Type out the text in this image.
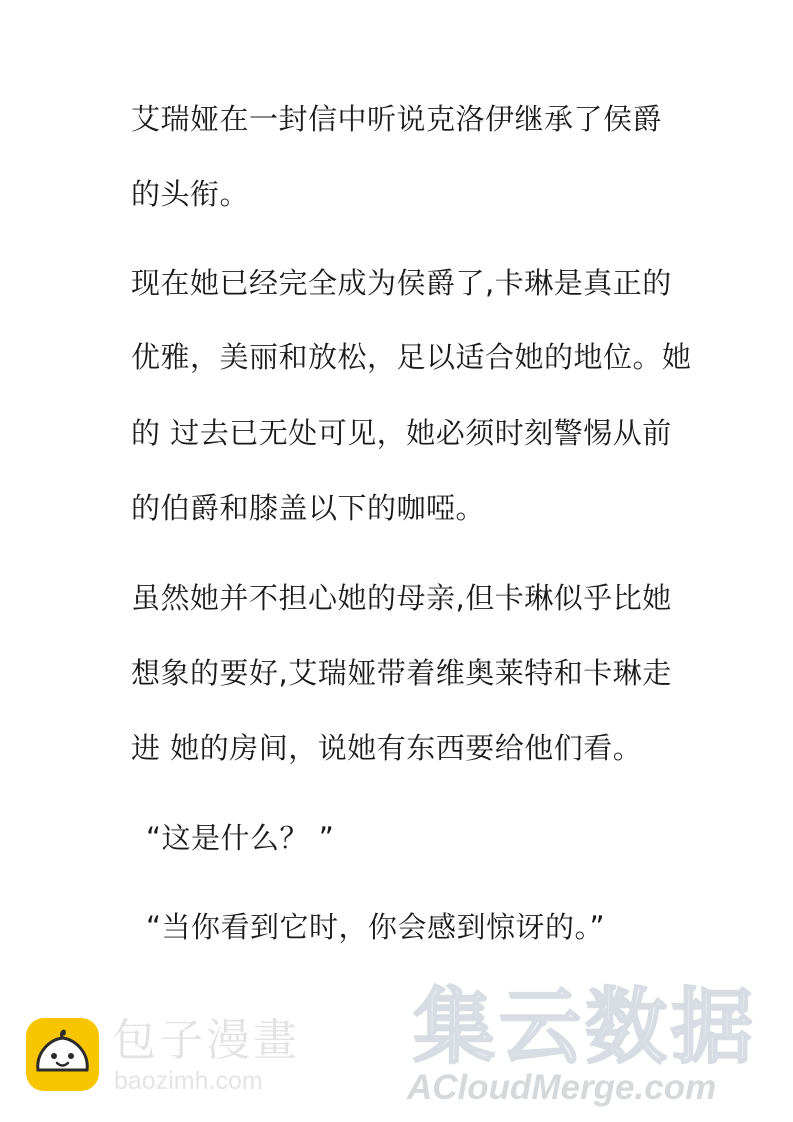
艾瑞娅在一封信中听说克洛伊继承了侯爵
的头衔。
现在她已经完全成为侯爵了,卡琳是真正的
优雅，美丽和放松，足以适合她的地位。她
的 过去已无处可见，她必须时刻警惕从前
的伯爵和膝盖以下的咖啞。
虽然她并不担心她的母亲,但卡琳似乎比她
想象的要好,艾瑞娅带着维奥莱特和卡琳走
进 她的房间，说她有东西要给他们看。
“这是什么？ ”
“当你看到它时，你会感到惊讶的。”
包子漫畫
baozimh.com
集云数据
ACloudMerge.com
